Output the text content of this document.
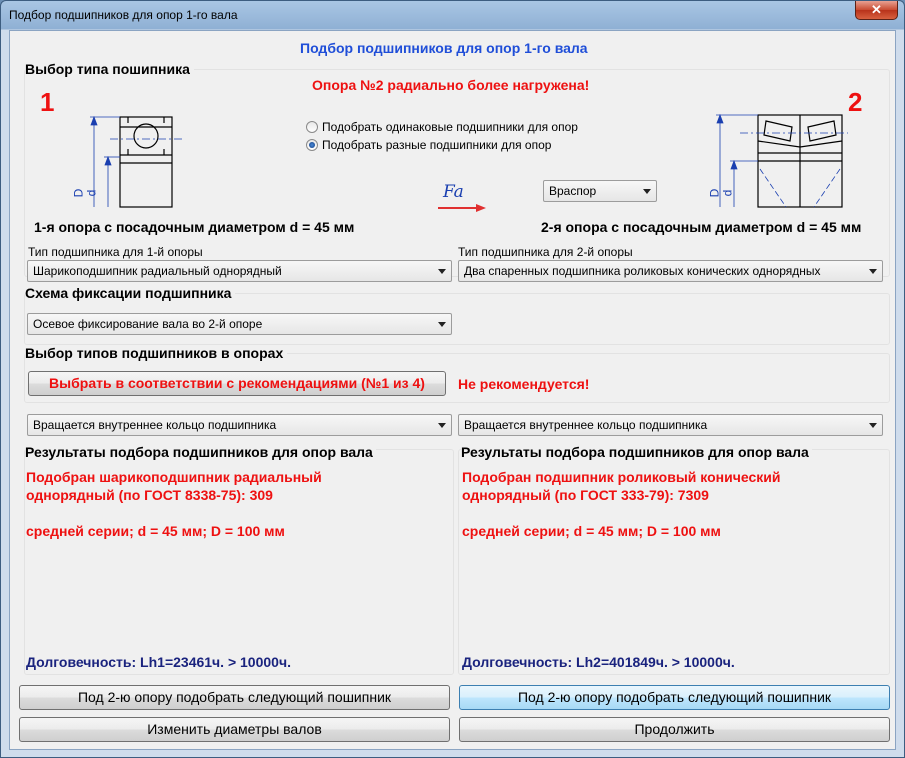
Подбор подшипников для опор 1-го вала	✕
Подбор подшипников для опор 1-го вала
Выбор типа пошипника
Опора №2 радиально более нагружена!
1	2
D d	D d
Подобрать одинаковые подшипники для опор
Подобрать разные подшипники для опор
Fa	Враспор
1-я опора с посадочным диаметром d = 45 мм	2-я опора с посадочным диаметром d = 45 мм
Тип подшипника для 1-й опоры
Шарикоподшипник радиальный однорядный
Тип подшипника для 2-й опоры
Два спаренных подшипника роликовых конических однорядных
Схема фиксации подшипника
Осевое фиксирование вала во 2-й опоре
Выбор типов подшипников в опорах
Выбрать в соответствии с рекомендациями (№1 из 4)	Не рекомендуется!
Вращается внутреннее кольцо подшипника	Вращается внутреннее кольцо подшипника
Результаты подбора подшипников для опор вала
Подобран шарикоподшипник радиальный
однорядный (по ГОСТ 8338-75): 309
средней серии; d = 45 мм; D = 100 мм
Долговечность: Lh1=23461ч. > 10000ч.
Результаты подбора подшипников для опор вала
Подобран подшипник роликовый конический
однорядный (по ГОСТ 333-79): 7309
средней серии; d = 45 мм; D = 100 мм
Долговечность: Lh2=401849ч. > 10000ч.
Под 2-ю опору подобрать следующий пошипник	Под 2-ю опору подобрать следующий пошипник
Изменить диаметры валов	Продолжить
